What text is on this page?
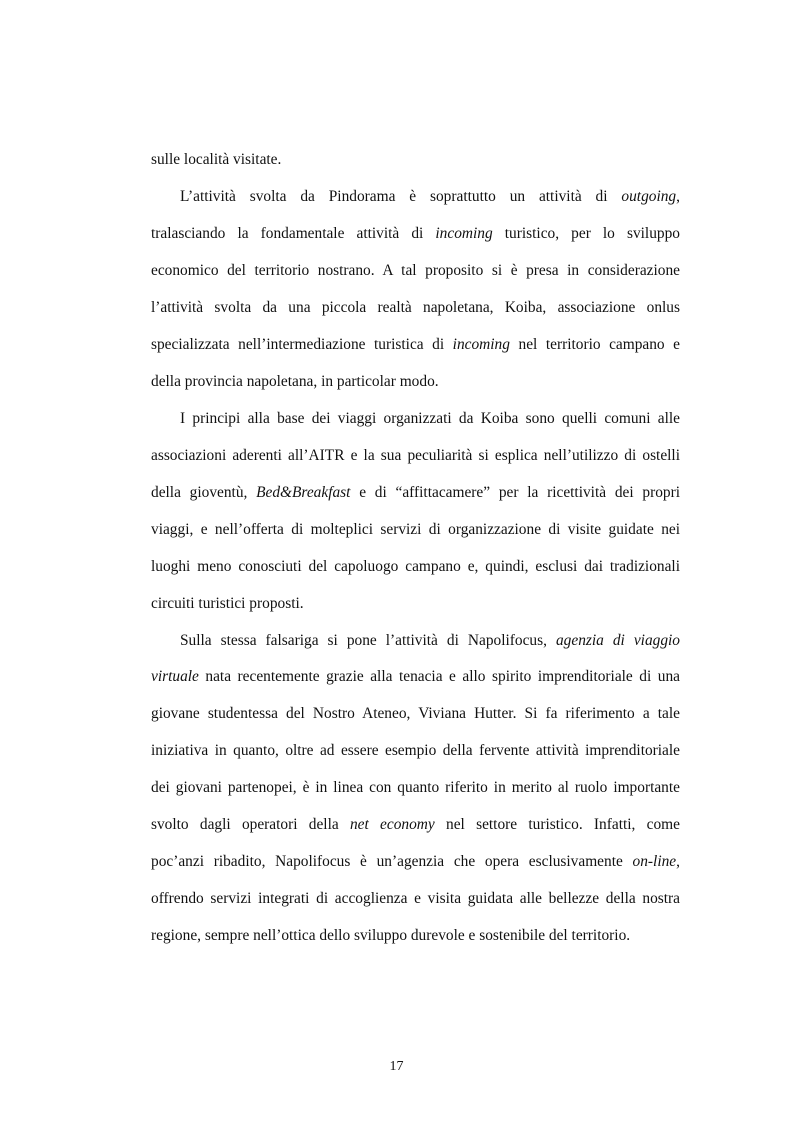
sulle località visitate.
L’attività svolta da Pindorama è soprattutto un attività di outgoing,
tralasciando la fondamentale attività di incoming turistico, per lo sviluppo
economico del territorio nostrano. A tal proposito si è presa in considerazione
l’attività svolta da una piccola realtà napoletana, Koiba, associazione onlus
specializzata nell’intermediazione turistica di incoming nel territorio campano e
della provincia napoletana, in particolar modo.
I principi alla base dei viaggi organizzati da Koiba sono quelli comuni alle
associazioni aderenti all’AITR e la sua peculiarità si esplica nell’utilizzo di ostelli
della gioventù, Bed&Breakfast e di “affittacamere” per la ricettività dei propri
viaggi, e nell’offerta di molteplici servizi di organizzazione di visite guidate nei
luoghi meno conosciuti del capoluogo campano e, quindi, esclusi dai tradizionali
circuiti turistici proposti.
Sulla stessa falsariga si pone l’attività di Napolifocus, agenzia di viaggio
virtuale nata recentemente grazie alla tenacia e allo spirito imprenditoriale di una
giovane studentessa del Nostro Ateneo, Viviana Hutter. Si fa riferimento a tale
iniziativa in quanto, oltre ad essere esempio della fervente attività imprenditoriale
dei giovani partenopei, è in linea con quanto riferito in merito al ruolo importante
svolto dagli operatori della net economy nel settore turistico. Infatti, come
poc’anzi ribadito, Napolifocus è un’agenzia che opera esclusivamente on-line,
offrendo servizi integrati di accoglienza e visita guidata alle bellezze della nostra
regione, sempre nell’ottica dello sviluppo durevole e sostenibile del territorio.
17
